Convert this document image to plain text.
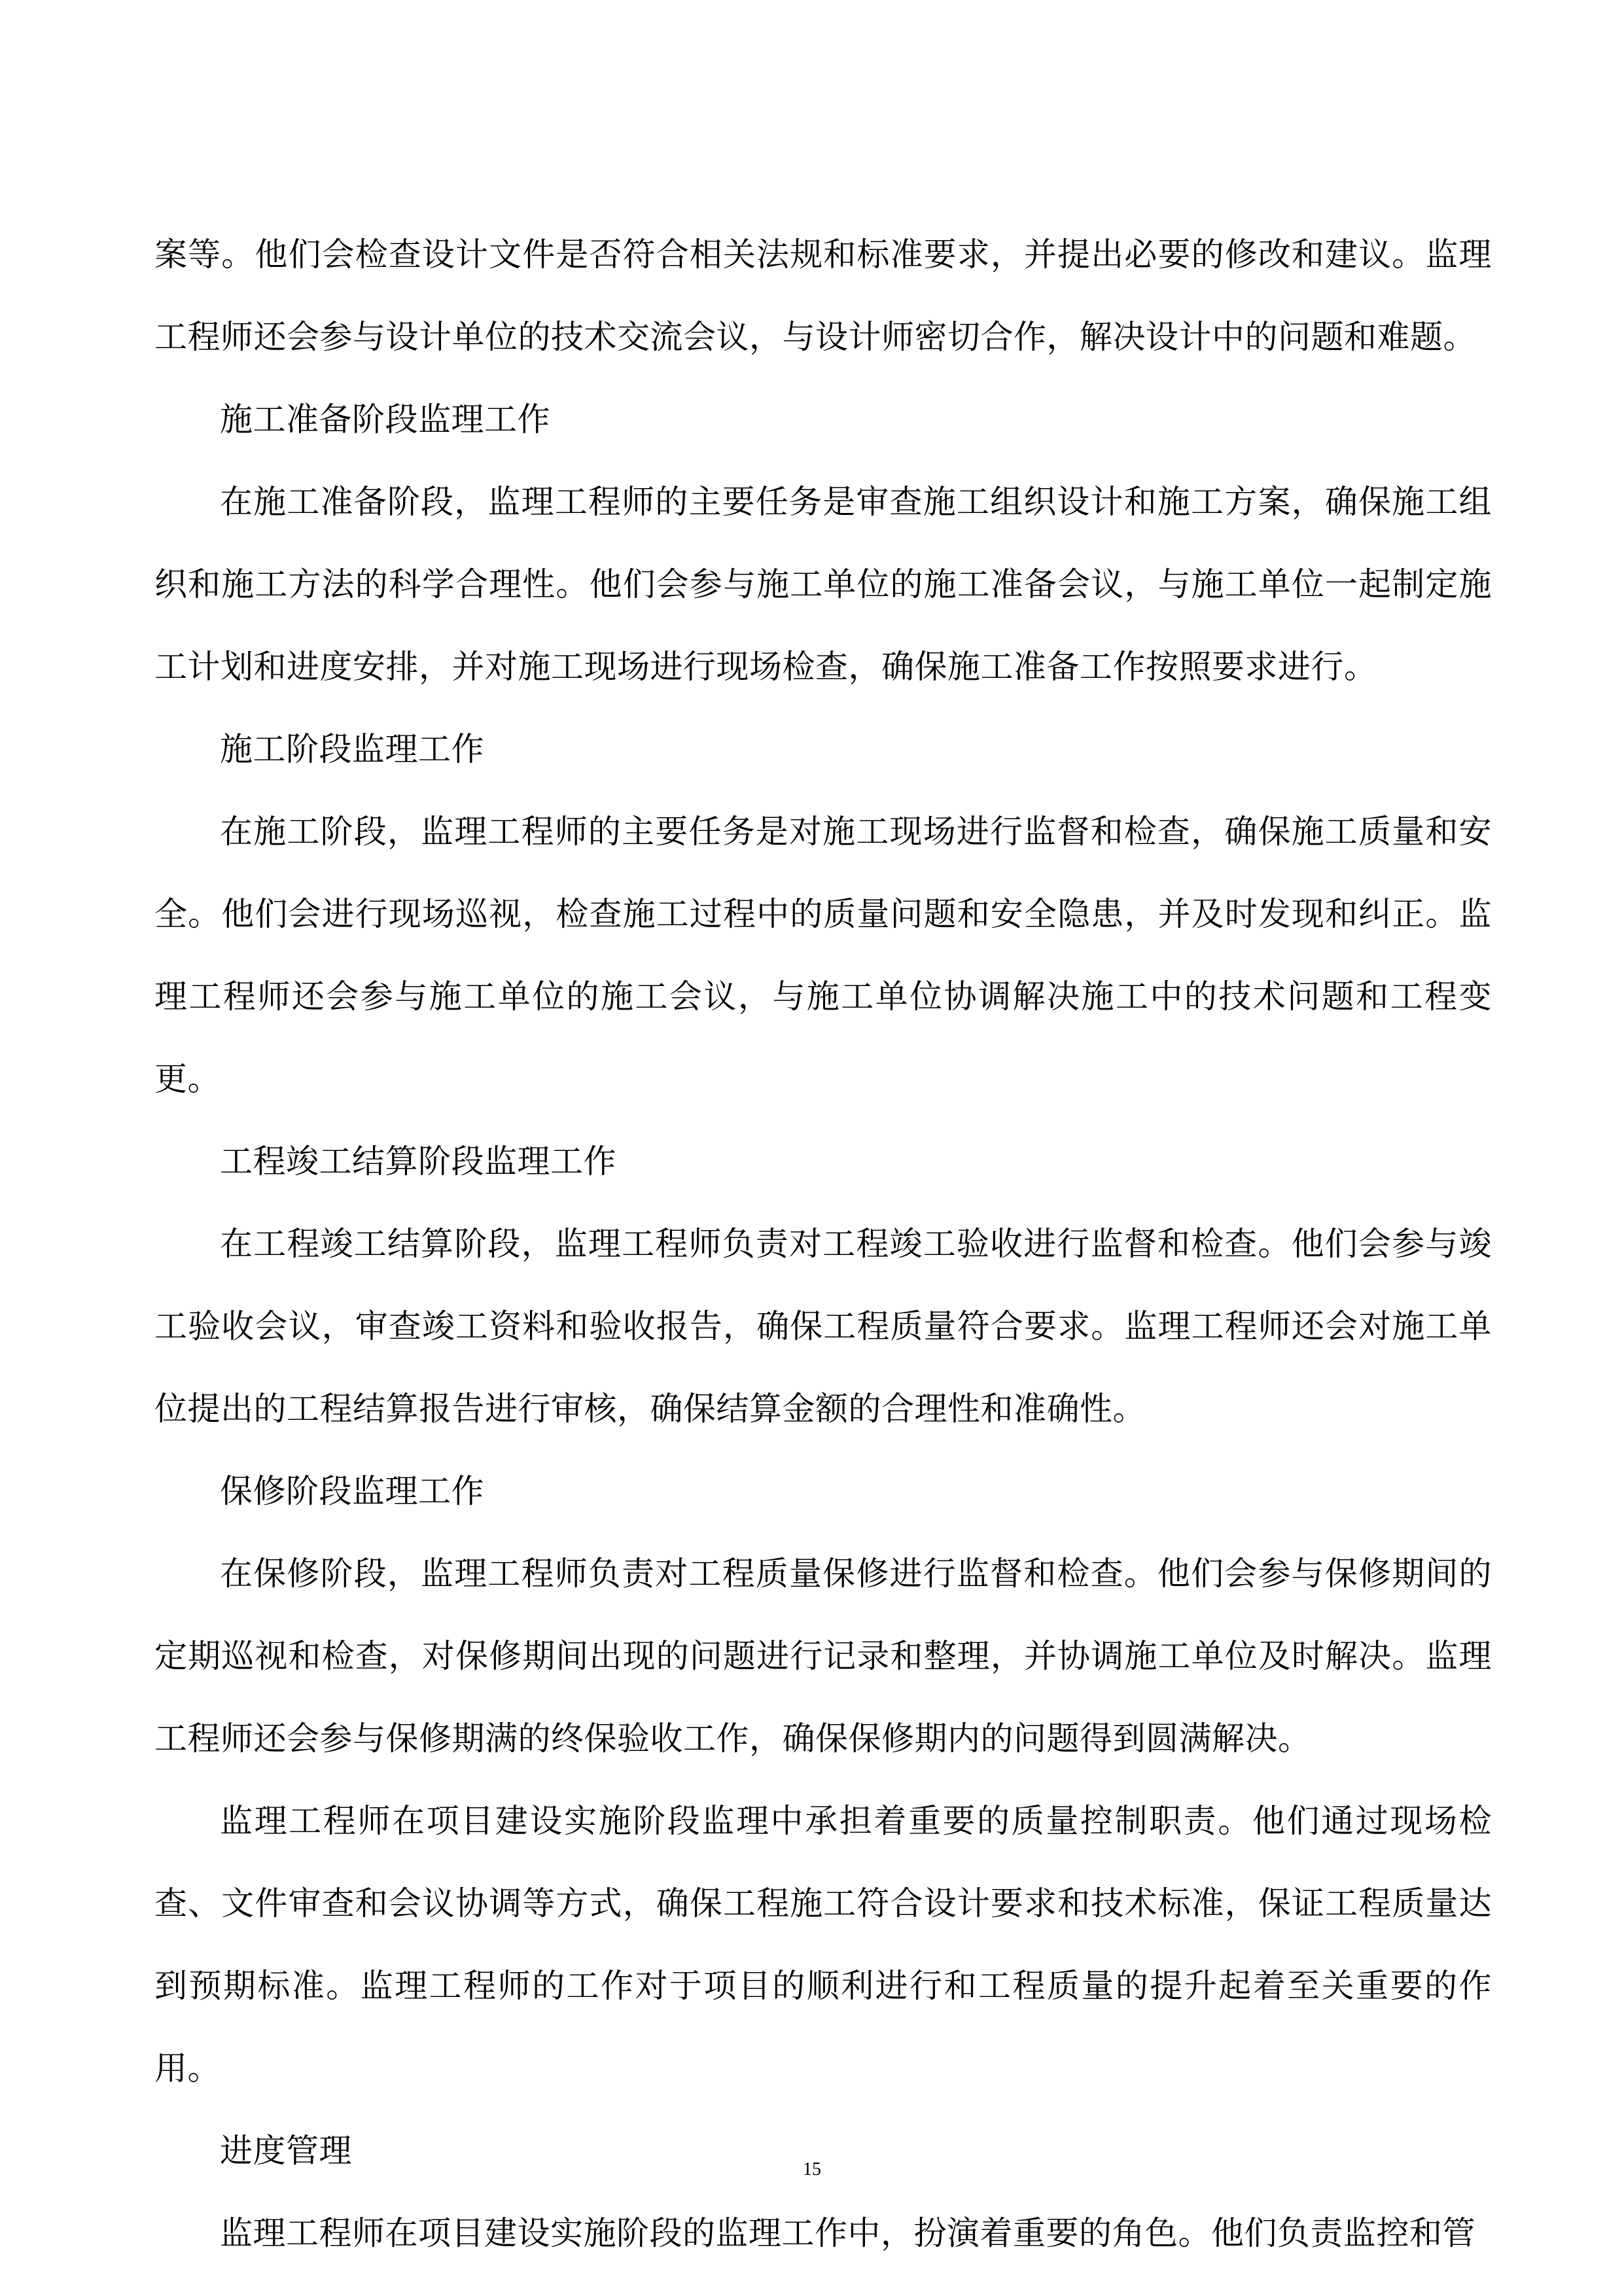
案等。他们会检查设计文件是否符合相关法规和标准要求，并提出必要的修改和建议。监理工程师还会参与设计单位的技术交流会议，与设计师密切合作，解决设计中的问题和难题。

施工准备阶段监理工作

在施工准备阶段，监理工程师的主要任务是审查施工组织设计和施工方案，确保施工组织和施工方法的科学合理性。他们会参与施工单位的施工准备会议，与施工单位一起制定施工计划和进度安排，并对施工现场进行现场检查，确保施工准备工作按照要求进行。

施工阶段监理工作

在施工阶段，监理工程师的主要任务是对施工现场进行监督和检查，确保施工质量和安全。他们会进行现场巡视，检查施工过程中的质量问题和安全隐患，并及时发现和纠正。监理工程师还会参与施工单位的施工会议，与施工单位协调解决施工中的技术问题和工程变更。

工程竣工结算阶段监理工作

在工程竣工结算阶段，监理工程师负责对工程竣工验收进行监督和检查。他们会参与竣工验收会议，审查竣工资料和验收报告，确保工程质量符合要求。监理工程师还会对施工单位提出的工程结算报告进行审核，确保结算金额的合理性和准确性。

保修阶段监理工作

在保修阶段，监理工程师负责对工程质量保修进行监督和检查。他们会参与保修期间的定期巡视和检查，对保修期间出现的问题进行记录和整理，并协调施工单位及时解决。监理工程师还会参与保修期满的终保验收工作，确保保修期内的问题得到圆满解决。

监理工程师在项目建设实施阶段监理中承担着重要的质量控制职责。他们通过现场检查、文件审查和会议协调等方式，确保工程施工符合设计要求和技术标准，保证工程质量达到预期标准。监理工程师的工作对于项目的顺利进行和工程质量的提升起着至关重要的作用。

进度管理

监理工程师在项目建设实施阶段的监理工作中，扮演着重要的角色。他们负责监控和管

15
